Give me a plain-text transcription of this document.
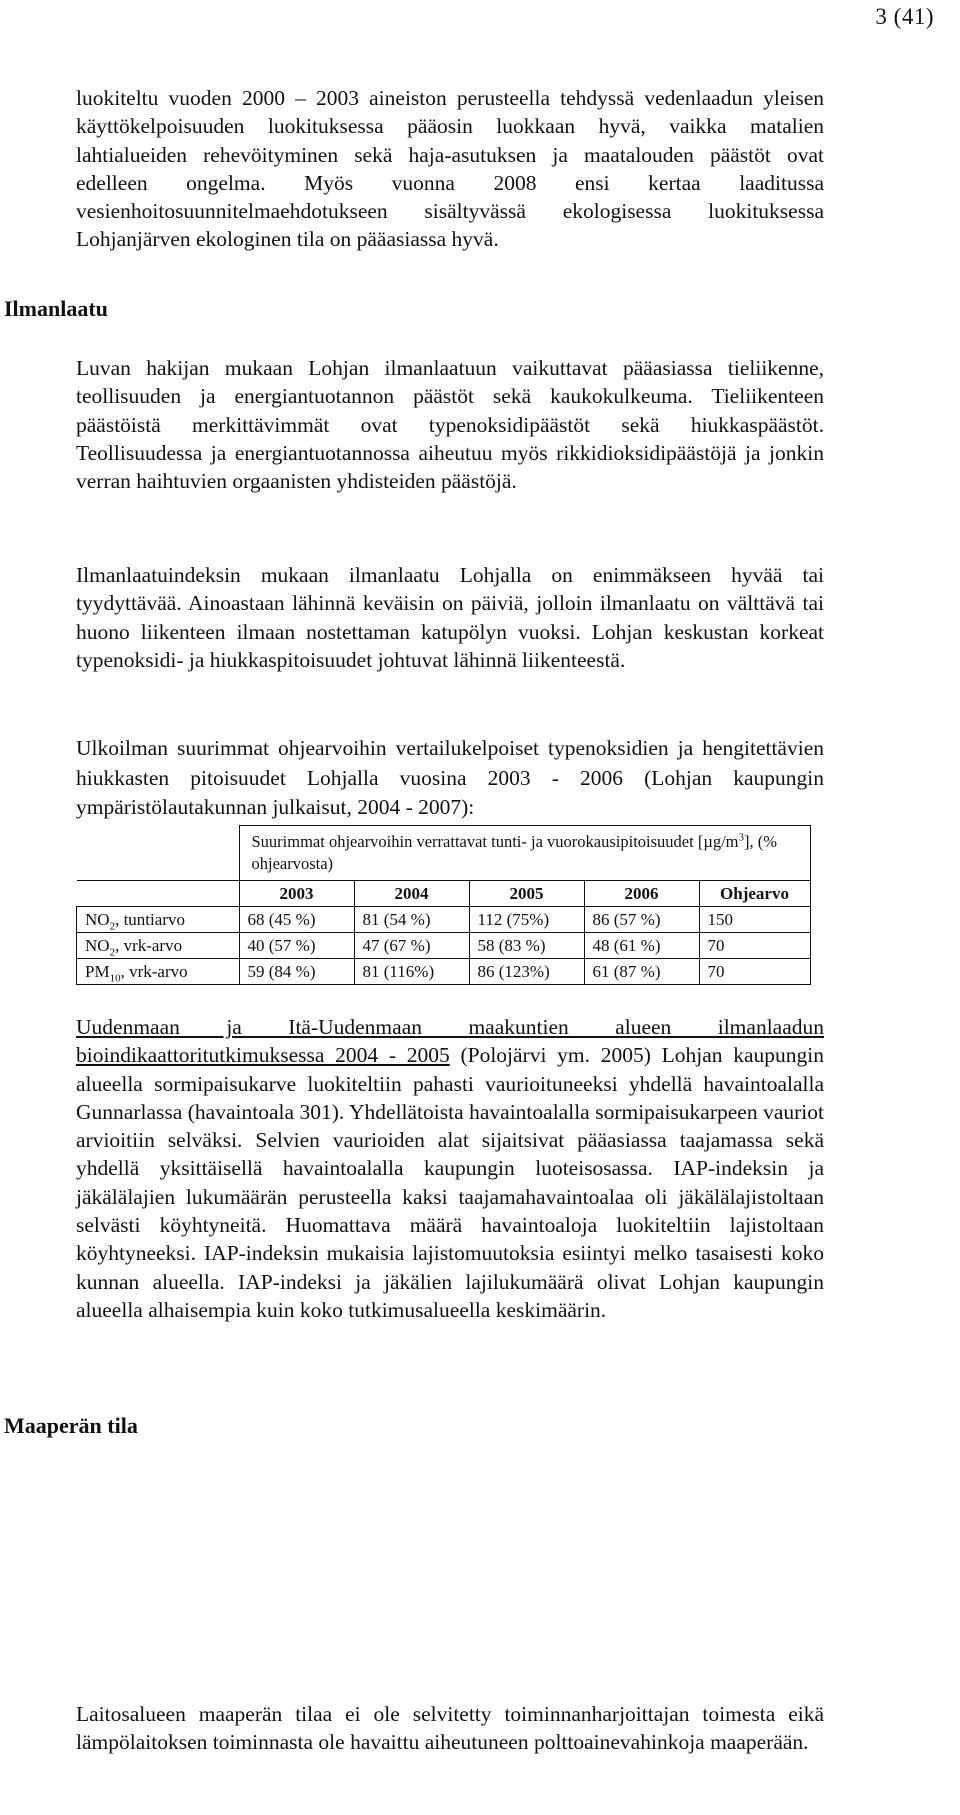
3 (41)

luokiteltu vuoden 2000 – 2003 aineiston perusteella tehdyssä vedenlaadun yleisen käyttökelpoisuuden luokituksessa pääosin luokkaan hyvä, vaikka matalien lahtialueiden rehevöityminen sekä haja-asutuksen ja maatalouden päästöt ovat edelleen ongelma. Myös vuonna 2008 ensi kertaa laaditussa vesienhoitosuunnitelmaehdotukseen sisältyvässä ekologisessa luokituksessa Lohjanjärven ekologinen tila on pääasiassa hyvä.

Ilmanlaatu

Luvan hakijan mukaan Lohjan ilmanlaatuun vaikuttavat pääasiassa tieliikenne, teollisuuden ja energiantuotannon päästöt sekä kaukokulkeuma. Tieliikenteen päästöistä merkittävimmät ovat typenoksidipäästöt sekä hiukkaspäästöt. Teollisuudessa ja energiantuotannossa aiheutuu myös rikkidioksidipäästöjä ja jonkin verran haihtuvien orgaanisten yhdisteiden päästöjä.

Ilmanlaatuindeksin mukaan ilmanlaatu Lohjalla on enimmäkseen hyvää tai tyydyttävää. Ainoastaan lähinnä keväisin on päiviä, jolloin ilmanlaatu on välttävä tai huono liikenteen ilmaan nostettaman katupölyn vuoksi. Lohjan keskustan korkeat typenoksidi- ja hiukkaspitoisuudet johtuvat lähinnä liikenteestä.

Ulkoilman suurimmat ohjearvoihin vertailukelpoiset typenoksidien ja hengitettävien hiukkasten pitoisuudet Lohjalla vuosina 2003 - 2006 (Lohjan kaupungin ympäristölautakunnan julkaisut, 2004 - 2007):

	Suurimmat ohjearvoihin verrattavat tunti- ja vuorokausipitoisuudet $[\mu g/m^3]$, (% ohjearvosta)				
	2003	2004	2005	2006	Ohjearvo
$NO_2$, tuntiarvo	68 (45 %)	81 (54 %)	112 (75%)	86 (57 %)	150
$NO_2$, vrk-arvo	40 (57 %)	47 (67 %)	58 (83 %)	48 (61 %)	70
$PM_{10}$, vrk-arvo	59 (84 %)	81 (116%)	86 (123%)	61 (87 %)	70

Uudenmaan ja Itä-Uudenmaan maakuntien alueen ilmanlaadun bioindikaattoritutkimuksessa 2004 - 2005 (Polojärvi ym. 2005) Lohjan kaupungin alueella sormipaisukarve luokiteltiin pahasti vaurioituneeksi yhdellä havaintoalalla Gunnarlassa (havaintoala 301). Yhdellätoista havaintoalalla sormipaisukarpeen vauriot arvioitiin selväksi. Selvien vaurioiden alat sijaitsivat pääasiassa taajamassa sekä yhdellä yksittäisellä havaintoalalla kaupungin luoteisosassa. IAP-indeksin ja jäkälälajien lukumäärän perusteella kaksi taajamahavaintoalaa oli jäkälälajistoltaan selvästi köyhtyneitä. Huomattava määrä havaintoaloja luokiteltiin lajistoltaan köyhtyneeksi. IAP-indeksin mukaisia lajistomuutoksia esiintyi melko tasaisesti koko kunnan alueella. IAP-indeksi ja jäkälien lajilukumäärä olivat Lohjan kaupungin alueella alhaisempia kuin koko tutkimusalueella keskimäärin.

Maaperän tila

Laitosalueen maaperän tilaa ei ole selvitetty toiminnanharjoittajan toimesta eikä lämpölaitoksen toiminnasta ole havaittu aiheutuneen polttoainevahinkoja maaperään.
